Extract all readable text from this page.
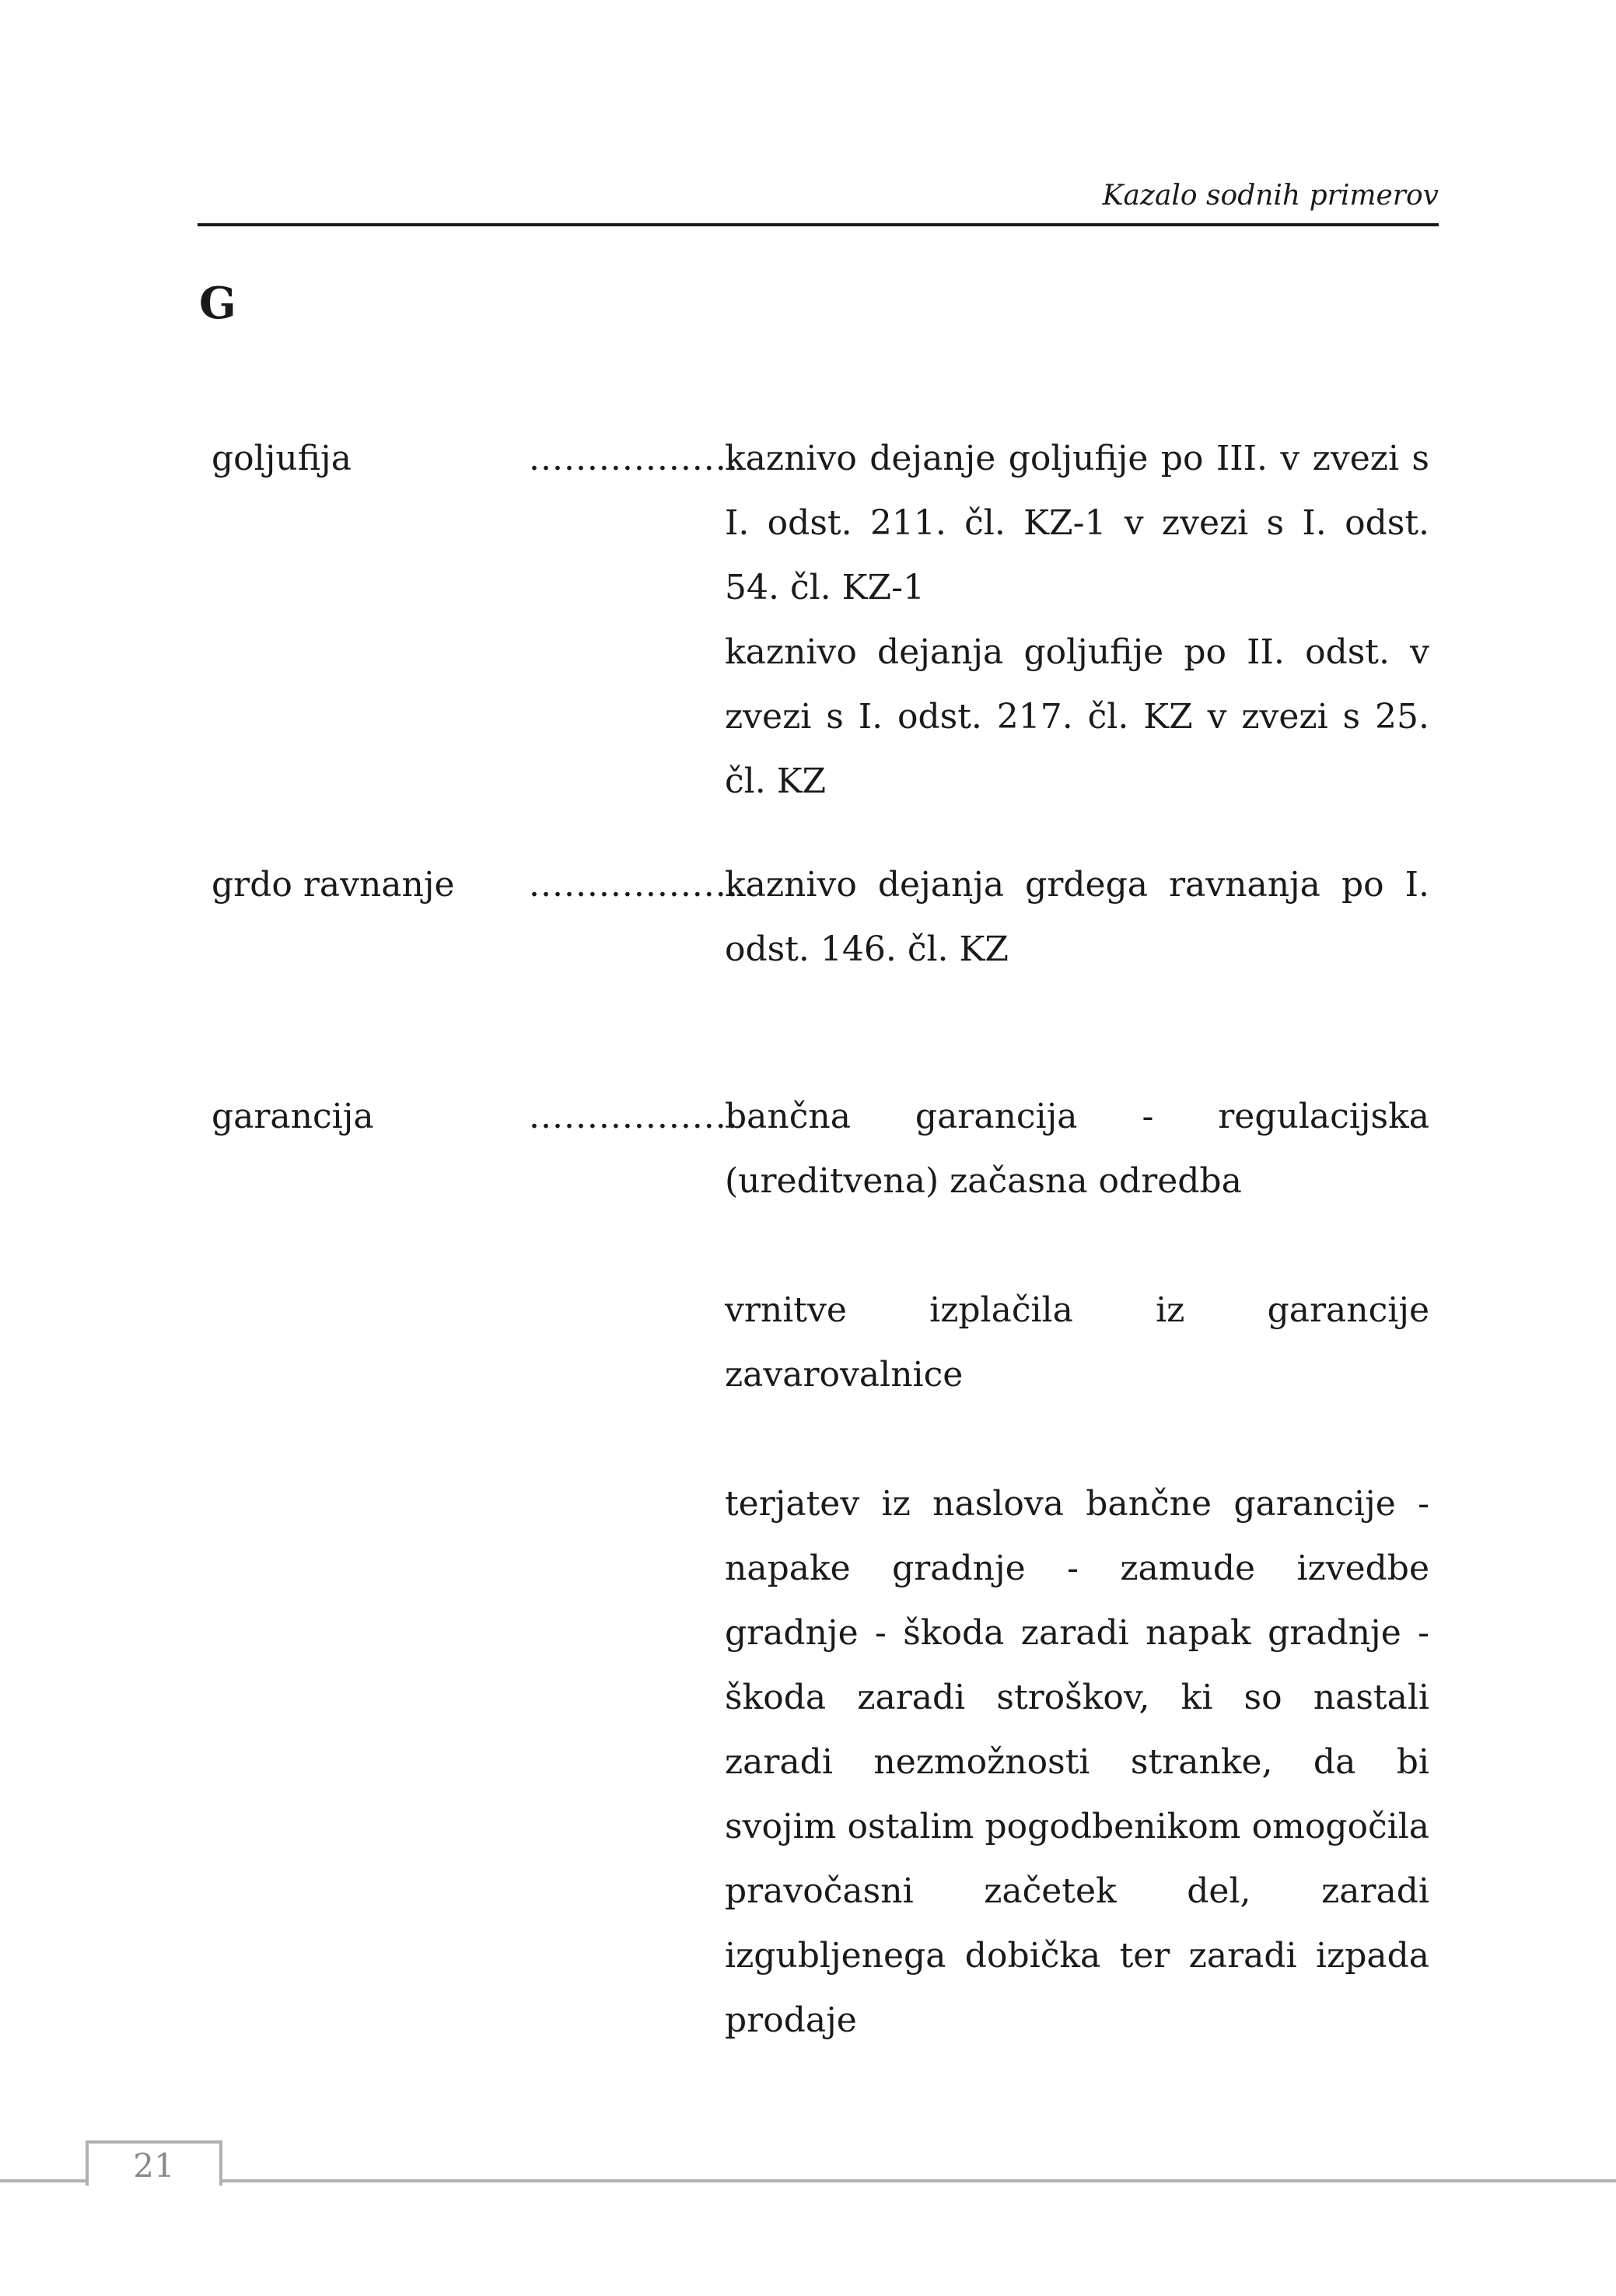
Kazalo sodnih primerov
G
goljufija	..................

kaznivo dejanje goljufije po III. v zvezi s I. odst. 211. čl. KZ-1 v zvezi s I. odst. 54. čl. KZ-1

kaznivo dejanja goljufije po II. odst. v zvezi s I. odst. 217. čl. KZ v zvezi s 25. čl. KZ

grdo ravnanje ..................

kaznivo dejanja grdega ravnanja po I. odst. 146. čl. KZ

garancija	..................

bančna garancija - regulacijska (ureditvena) začasna odredba

vrnitve izplačila iz garancije zavarovalnice

terjatev iz naslova bančne garancije - napake gradnje - zamude izvedbe gradnje - škoda zaradi napak gradnje - škoda zaradi stroškov, ki so nastali zaradi nezmožnosti stranke, da bi svojim ostalim pogodbenikom omogočila pravočasni začetek del, zaradi izgubljenega dobička ter zaradi izpada prodaje

21
